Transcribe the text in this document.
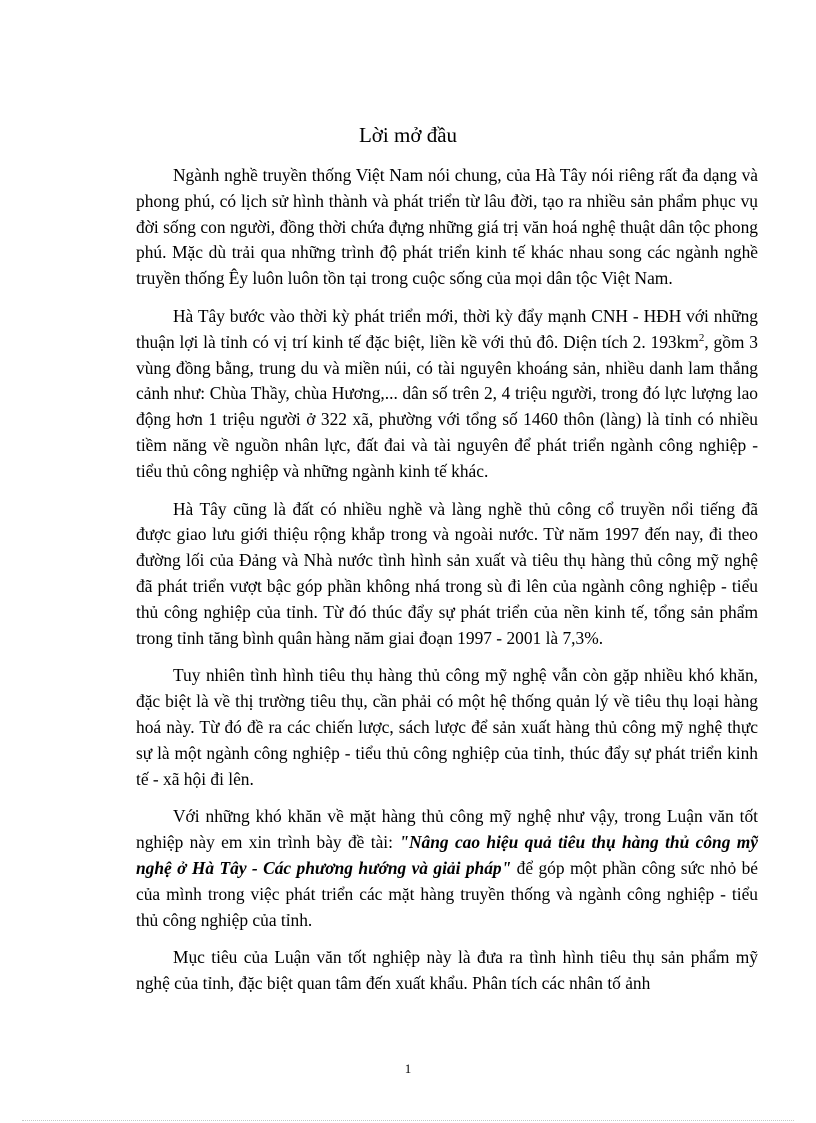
Lời mở đầu

Ngành nghề truyền thống Việt Nam nói chung, của Hà Tây nói riêng rất đa dạng và phong phú, có lịch sử hình thành và phát triển từ lâu đời, tạo ra nhiều sản phẩm phục vụ đời sống con người, đồng thời chứa đựng những giá trị văn hoá nghệ thuật dân tộc phong phú. Mặc dù trải qua những trình độ phát triển kinh tế khác nhau song các ngành nghề truyền thống Êy luôn luôn tồn tại trong cuộc sống của mọi dân tộc Việt Nam.

Hà Tây bước vào thời kỳ phát triển mới, thời kỳ đẩy mạnh CNH - HĐH với những thuận lợi là tỉnh có vị trí kinh tế đặc biệt, liền kề với thủ đô. Diện tích 2. $193km^2$, gồm 3 vùng đồng bằng, trung du và miền núi, có tài nguyên khoáng sản, nhiều danh lam thắng cảnh như: Chùa Thầy, chùa Hương,... dân số trên 2, 4 triệu người, trong đó lực lượng lao động hơn 1 triệu người ở 322 xã, phường với tổng số 1460 thôn (làng) là tỉnh có nhiều tiềm năng về nguồn nhân lực, đất đai và tài nguyên để phát triển ngành công nghiệp - tiểu thủ công nghiệp và những ngành kinh tế khác.

Hà Tây cũng là đất có nhiều nghề và làng nghề thủ công cổ truyền nổi tiếng đã được giao lưu giới thiệu rộng khắp trong và ngoài nước. Từ năm 1997 đến nay, đi theo đường lối của Đảng và Nhà nước tình hình sản xuất và tiêu thụ hàng thủ công mỹ nghệ đã phát triển vượt bậc góp phần không nhá trong sù đi lên của ngành công nghiệp - tiểu thủ công nghiệp của tỉnh. Từ đó thúc đẩy sự phát triển của nền kinh tế, tổng sản phẩm trong tỉnh tăng bình quân hàng năm giai đoạn 1997 - 2001 là 7,3%.

Tuy nhiên tình hình tiêu thụ hàng thủ công mỹ nghệ vẫn còn gặp nhiều khó khăn, đặc biệt là về thị trường tiêu thụ, cần phải có một hệ thống quản lý về tiêu thụ loại hàng hoá này. Từ đó đề ra các chiến lược, sách lược để sản xuất hàng thủ công mỹ nghệ thực sự là một ngành công nghiệp - tiểu thủ công nghiệp của tỉnh, thúc đẩy sự phát triển kinh tế - xã hội đi lên.

Với những khó khăn về mặt hàng thủ công mỹ nghệ như vậy, trong Luận văn tốt nghiệp này em xin trình bày đề tài: "Nâng cao hiệu quả tiêu thụ hàng thủ công mỹ nghệ ở Hà Tây - Các phương hướng và giải pháp" để góp một phần công sức nhỏ bé của mình trong việc phát triển các mặt hàng truyền thống và ngành công nghiệp - tiểu thủ công nghiệp của tỉnh.

Mục tiêu của Luận văn tốt nghiệp này là đưa ra tình hình tiêu thụ sản phẩm mỹ nghệ của tỉnh, đặc biệt quan tâm đến xuất khẩu. Phân tích các nhân tố ảnh

1
